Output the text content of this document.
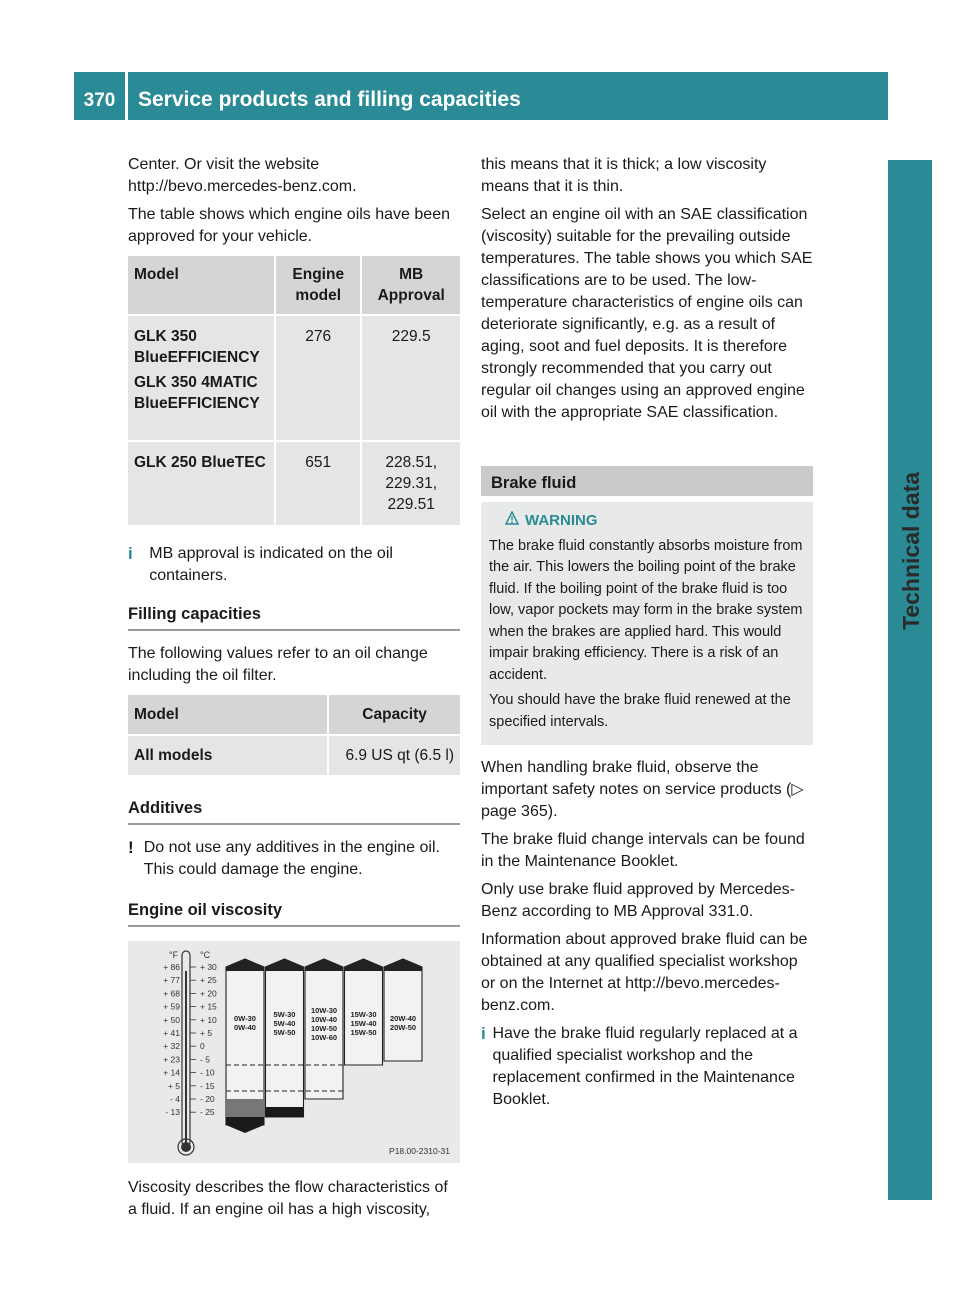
370	Service products and filling capacities
Technical data

Center. Or visit the website http://bevo.mercedes-benz.com.

The table shows which engine oils have been approved for your vehicle.

Model	Engine model	MB Approval

GLK 350 BlueEFFICIENCY
GLK 350 4MATIC BlueEFFICIENCY	276	229.5
GLK 250 BlueTEC	651	228.51, 229.31, 229.51
i	MB approval is indicated on the oil containers.
Filling capacities

The following values refer to an oil change including the oil filter.

Model	Capacity
All models	6.9 US qt (6.5 l)
Additives
! Do not use any additives in the engine oil. This could damage the engine.
Engine oil viscosity
°F °C
+ 86 + 30
+ 77 + 25
+ 68 + 20
+ 59 + 15
+ 50 + 10
+ 41 + 5
+ 32 0
+ 23 - 5
+ 14 - 10
+ 5 - 15
- 4 - 20
- 13 - 25
0W-30
0W-40
5W-30
5W-40
5W-50
10W-30
10W-40
10W-50
10W-60
15W-30
15W-40
15W-50
20W-40
20W-50
P18.00-2310-31

Viscosity describes the flow characteristics of a fluid. If an engine oil has a high viscosity,

this means that it is thick; a low viscosity means that it is thin.

Select an engine oil with an SAE classification (viscosity) suitable for the prevailing outside temperatures. The table shows you which SAE classifications are to be used. The low-temperature characteristics of engine oils can deteriorate significantly, e.g. as a result of aging, soot and fuel deposits. It is therefore strongly recommended that you carry out regular oil changes using an approved engine oil with the appropriate SAE classification.

Brake fluid
WARNING

The brake fluid constantly absorbs moisture from the air. This lowers the boiling point of the brake fluid. If the boiling point of the brake fluid is too low, vapor pockets may form in the brake system when the brakes are applied hard. This would impair braking efficiency. There is a risk of an accident.

You should have the brake fluid renewed at the specified intervals.

When handling brake fluid, observe the important safety notes on service products (▷ page 365).

The brake fluid change intervals can be found in the Maintenance Booklet.

Only use brake fluid approved by Mercedes-Benz according to MB Approval 331.0.

Information about approved brake fluid can be obtained at any qualified specialist workshop or on the Internet at http://bevo.mercedes-benz.com.

i Have the brake fluid regularly replaced at a qualified specialist workshop and the replacement confirmed in the Maintenance Booklet.
